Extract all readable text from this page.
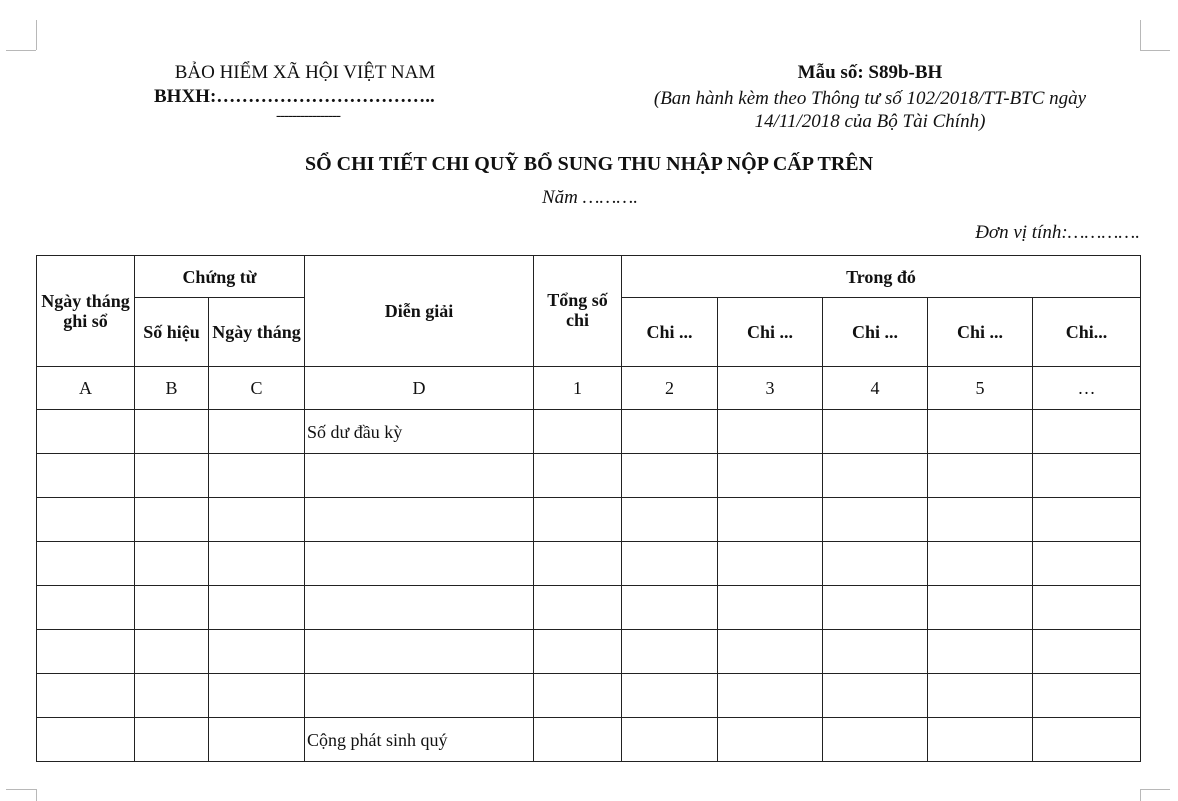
BẢO HIỂM XÃ HỘI VIỆT NAM
BHXH:……………………………..
----------------
Mẫu số: S89b-BH
(Ban hành kèm theo Thông tư số 102/2018/TT-BTC ngày 14/11/2018 của Bộ Tài Chính)
SỔ CHI TIẾT CHI QUỸ BỔ SUNG THU NHẬP NỘP CẤP TRÊN
Năm ……….
Đơn vị tính:………….
Ngày tháng ghi sổ	Chứng từ		Diễn giải	Tổng số chi	Trong đó				
	Số hiệu	Ngày tháng			Chi ...	Chi ...	Chi ...	Chi ...	Chi...
A	B	C	D	1	2	3	4	5	…
			Số dư đầu kỳ						

			Cộng phát sinh quý						
